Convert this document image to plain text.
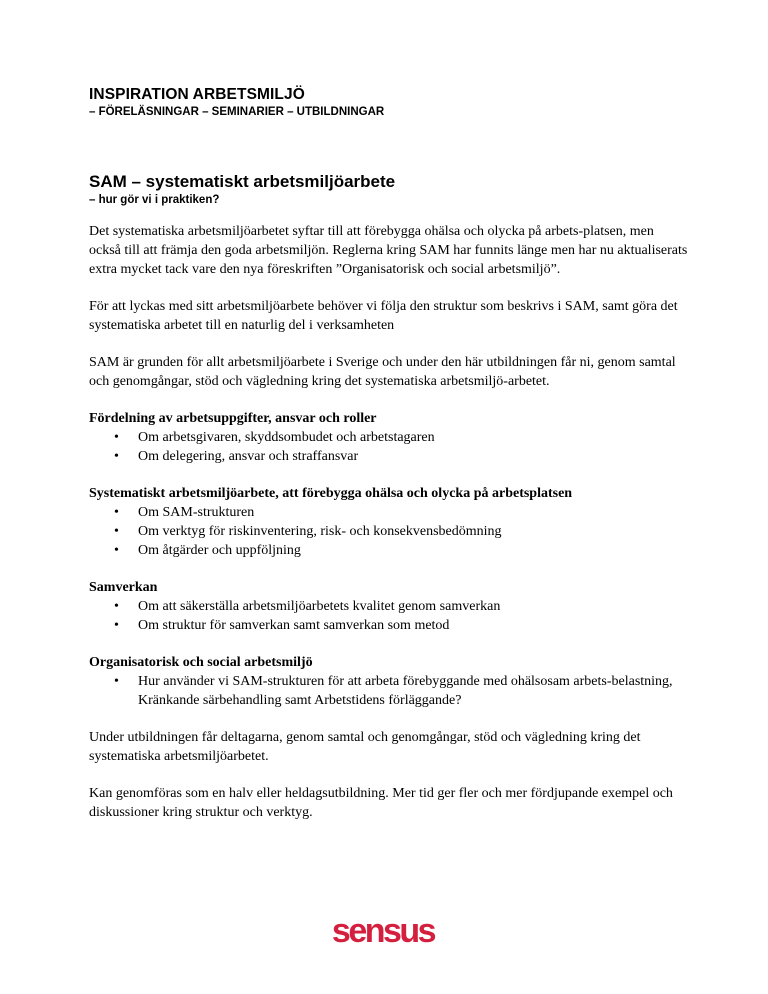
INSPIRATION ARBETSMILJÖ
– FÖRELÄSNINGAR – SEMINARIER – UTBILDNINGAR
SAM – systematiskt arbetsmiljöarbete
– hur gör vi i praktiken?

Det systematiska arbetsmiljöarbetet syftar till att förebygga ohälsa och olycka på arbets-platsen, men också till att främja den goda arbetsmiljön. Reglerna kring SAM har funnits länge men har nu aktualiserats extra mycket tack vare den nya föreskriften ”Organisatorisk och social arbetsmiljö”.

För att lyckas med sitt arbetsmiljöarbete behöver vi följa den struktur som beskrivs i SAM, samt göra det systematiska arbetet till en naturlig del i verksamheten

SAM är grunden för allt arbetsmiljöarbete i Sverige och under den här utbildningen får ni, genom samtal och genomgångar, stöd och vägledning kring det systematiska arbetsmiljö-arbetet.

Fördelning av arbetsuppgifter, ansvar och roller
• Om arbetsgivaren, skyddsombudet och arbetstagaren
• Om delegering, ansvar och straffansvar
Systematiskt arbetsmiljöarbete, att förebygga ohälsa och olycka på arbetsplatsen
• Om SAM-strukturen
• Om verktyg för riskinventering, risk- och konsekvensbedömning
• Om åtgärder och uppföljning
Samverkan
• Om att säkerställa arbetsmiljöarbetets kvalitet genom samverkan
• Om struktur för samverkan samt samverkan som metod
Organisatorisk och social arbetsmiljö
• Hur använder vi SAM-strukturen för att arbeta förebyggande med ohälsosam arbets-belastning, Kränkande särbehandling samt Arbetstidens förläggande?

Under utbildningen får deltagarna, genom samtal och genomgångar, stöd och vägledning kring det systematiska arbetsmiljöarbetet.

Kan genomföras som en halv eller heldagsutbildning. Mer tid ger fler och mer fördjupande exempel och diskussioner kring struktur och verktyg.

sensus
